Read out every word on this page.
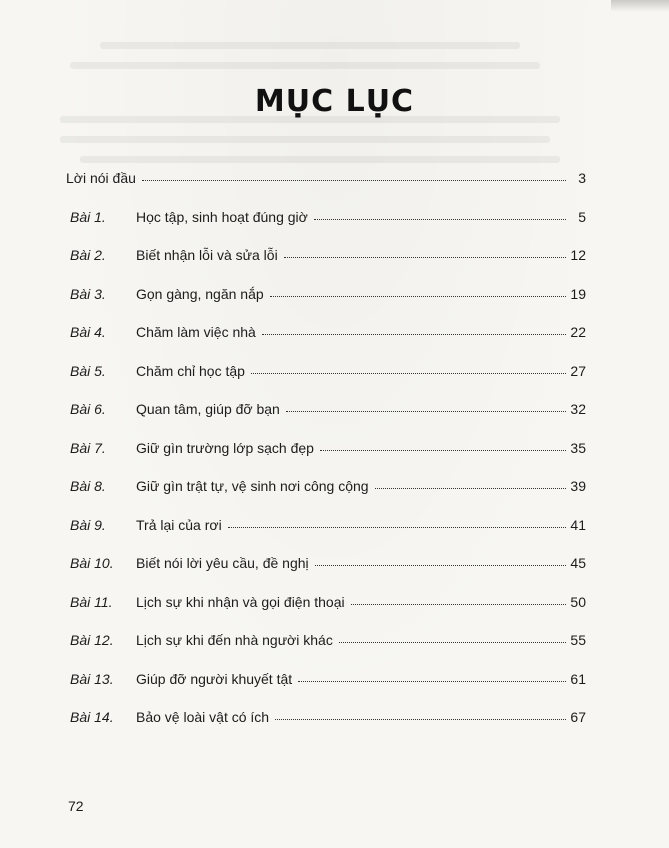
MỤC LỤC
Lời nói đầu	3
Bài 1.	Học tập, sinh hoạt đúng giờ	5
Bài 2.	Biết nhận lỗi và sửa lỗi	12
Bài 3.	Gọn gàng, ngăn nắp	19
Bài 4.	Chăm làm việc nhà	22
Bài 5.	Chăm chỉ học tập	27
Bài 6.	Quan tâm, giúp đỡ bạn	32
Bài 7.	Giữ gìn trường lớp sạch đẹp	35
Bài 8.	Giữ gìn trật tự, vệ sinh nơi công cộng	39
Bài 9.	Trả lại của rơi	41
Bài 10.	Biết nói lời yêu cầu, đề nghị	45
Bài 11.	Lịch sự khi nhận và gọi điện thoại	50
Bài 12.	Lịch sự khi đến nhà người khác	55
Bài 13.	Giúp đỡ người khuyết tật	61
Bài 14.	Bảo vệ loài vật có ích	67
72
